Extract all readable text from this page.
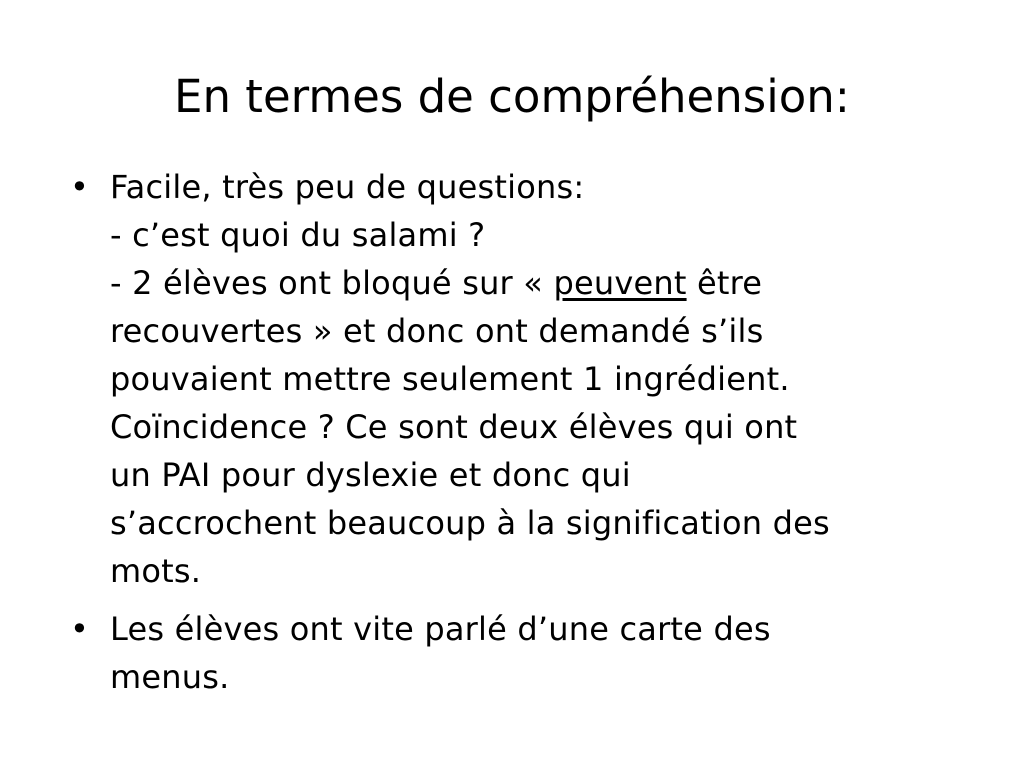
En termes de compréhension:
• Facile, très peu de questions:
- c’est quoi du salami ?
- 2 élèves ont bloqué sur « peuvent être
recouvertes » et donc ont demandé s’ils
pouvaient mettre seulement 1 ingrédient.
Coïncidence ? Ce sont deux élèves qui ont
un PAI pour dyslexie et donc qui
s’accrochent beaucoup à la signification des
mots.
• Les élèves ont vite parlé d’une carte des
menus.
